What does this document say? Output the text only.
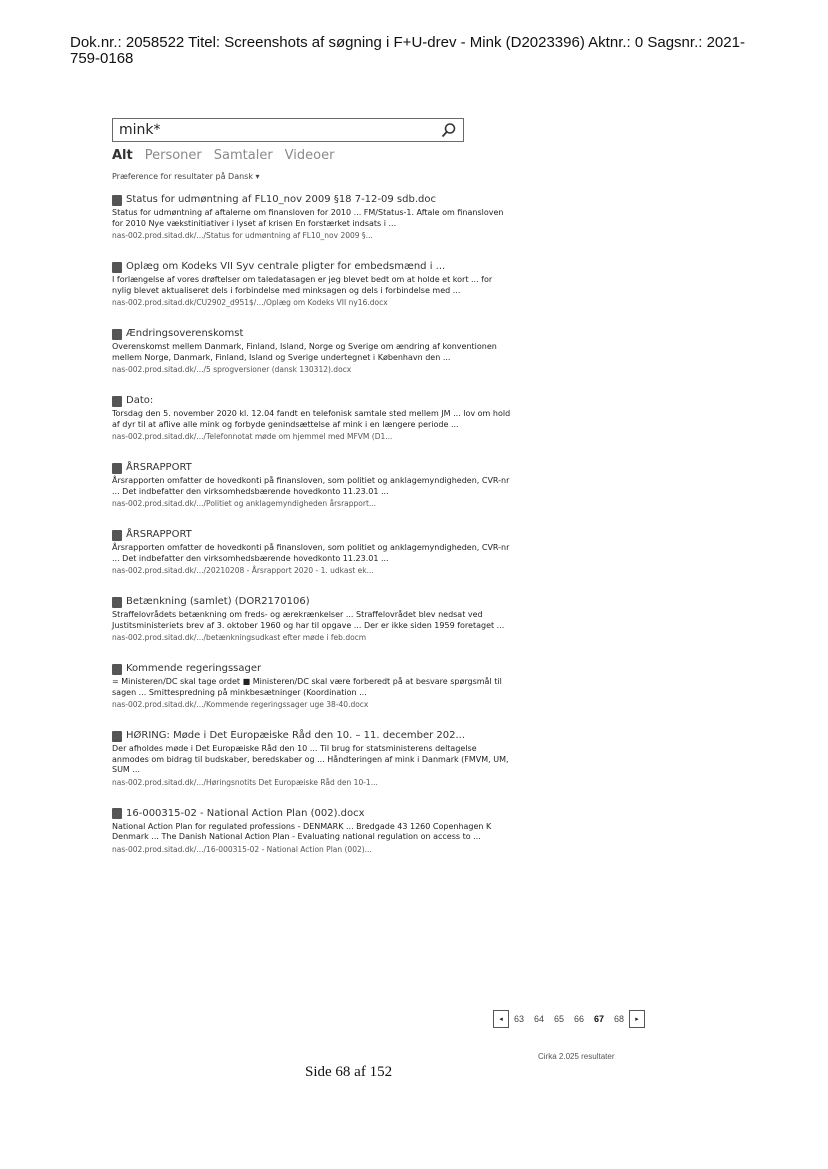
Dok.nr.: 2058522 Titel: Screenshots af søgning i F+U-drev - Mink (D2023396) Aktnr.: 0 Sagsnr.: 2021-759-0168
mink*
Alt Personer Samtaler Videoer
Præference for resultater på Dansk ▾
Status for udmøntning af FL10_nov 2009 §18 7-12-09 sdb.doc
Status for udmøntning af aftalerne om finansloven for 2010 ... FM/Status-1. Aftale om finansloven for 2010 Nye vækstinitiativer i lyset af krisen En forstærket indsats i ...
nas-002.prod.sitad.dk/.../Status for udmøntning af FL10_nov 2009 §...
Oplæg om Kodeks VII Syv centrale pligter for embedsmænd i ...
I forlængelse af vores drøftelser om taledatasagen er jeg blevet bedt om at holde et kort ... for nylig blevet aktualiseret dels i forbindelse med minksagen og dels i forbindelse med ...
nas-002.prod.sitad.dk/CU2902_d951$/.../Oplæg om Kodeks VII ny16.docx
Ændringsoverenskomst
Overenskomst mellem Danmark, Finland, Island, Norge og Sverige om ændring af konventionen mellem Norge, Danmark, Finland, Island og Sverige undertegnet i København den ...
nas-002.prod.sitad.dk/.../5 sprogversioner (dansk 130312).docx
Dato:
Torsdag den 5. november 2020 kl. 12.04 fandt en telefonisk samtale sted mellem JM ... lov om hold af dyr til at aflive alle mink og forbyde genindsættelse af mink i en længere periode ...
nas-002.prod.sitad.dk/.../Telefonnotat møde om hjemmel med MFVM (D1...
ÅRSRAPPORT
Årsrapporten omfatter de hovedkonti på finansloven, som politiet og anklagemyndigheden, CVR-nr ... Det indbefatter den virksomhedsbærende hovedkonto 11.23.01 ...
nas-002.prod.sitad.dk/.../Politiet og anklagemyndigheden årsrapport...
ÅRSRAPPORT
Årsrapporten omfatter de hovedkonti på finansloven, som politiet og anklagemyndigheden, CVR-nr ... Det indbefatter den virksomhedsbærende hovedkonto 11.23.01 ...
nas-002.prod.sitad.dk/.../20210208 - Årsrapport 2020 - 1. udkast ek...
Betænkning (samlet) (DOR2170106)
Straffelovrådets betænkning om freds- og ærekrænkelser ... Straffelovrådet blev nedsat ved Justitsministeriets brev af 3. oktober 1960 og har til opgave ... Der er ikke siden 1959 foretaget ...
nas-002.prod.sitad.dk/.../betænkningsudkast efter møde i feb.docm
Kommende regeringssager
= Ministeren/DC skal tage ordet ■ Ministeren/DC skal være forberedt på at besvare spørgsmål til sagen ... Smittespredning på minkbesætninger (Koordination ...
nas-002.prod.sitad.dk/.../Kommende regeringssager uge 38-40.docx
HØRING: Møde i Det Europæiske Råd den 10. – 11. december 202...
Der afholdes møde i Det Europæiske Råd den 10 ... Til brug for statsministerens deltagelse anmodes om bidrag til budskaber, beredskaber og ... Håndteringen af mink i Danmark (FMVM, UM, SUM ...
nas-002.prod.sitad.dk/.../Høringsnotits Det Europæiske Råd den 10-1...
16-000315-02 - National Action Plan (002).docx
National Action Plan for regulated professions - DENMARK ... Bredgade 43 1260 Copenhagen K Denmark ... The Danish National Action Plan - Evaluating national regulation on access to ...
nas-002.prod.sitad.dk/.../16-000315-02 - National Action Plan (002)...
◂	63	64	65	66	67	68	▸
Cirka 2.025 resultater
Side 68 af 152
